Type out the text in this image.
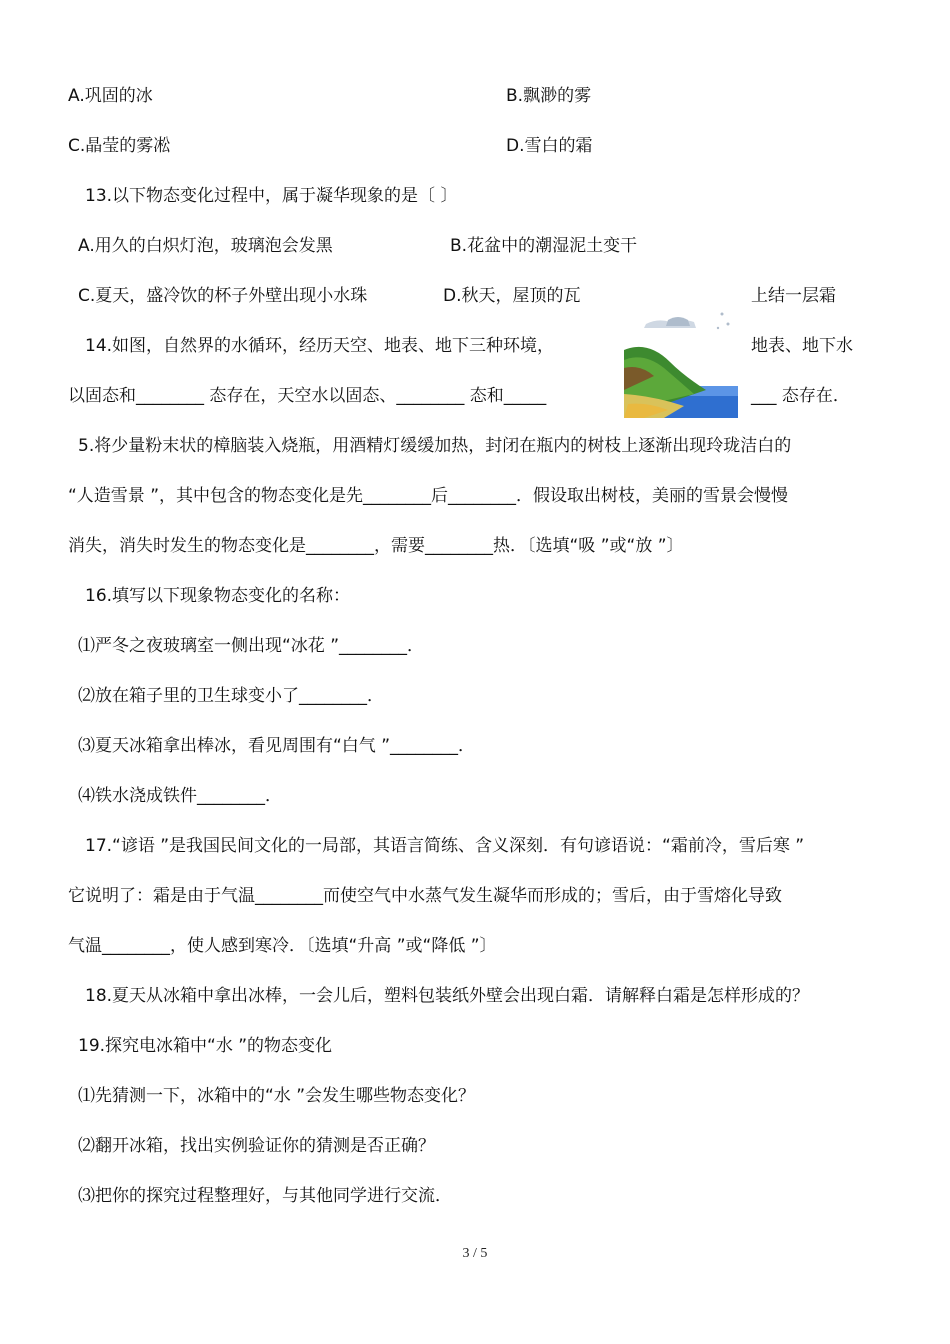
A.巩固的冰	B.飘渺的雾
C.晶莹的雾凇	D.雪白的霜
13.以下物态变化过程中，属于凝华现象的是〔 〕
A.用久的白炽灯泡，玻璃泡会发黑	B.花盆中的潮湿泥土变干
C.夏天，盛冷饮的杯子外壁出现小水珠	D.秋天，屋顶的瓦	上结一层霜
14.如图，自然界的水循环，经历天空、地表、地下三种环境，	地表、地下水
以固态和________ 态存在，天空水以固态、________ 态和_____	___ 态存在．
5.将少量粉末状的樟脑装入烧瓶，用酒精灯缓缓加热，封闭在瓶内的树枝上逐渐出现玲珑洁白的
“人造雪景 ”，其中包含的物态变化是先________后________．假设取出树枝，美丽的雪景会慢慢
消失，消失时发生的物态变化是________，需要________热．〔选填“吸 ”或“放 ”〕
16.填写以下现象物态变化的名称：
⑴严冬之夜玻璃室一侧出现“冰花 ”________．
⑵放在箱子里的卫生球变小了________．
⑶夏天冰箱拿出棒冰，看见周围有“白气 ”________．
⑷铁水浇成铁件________．
17.“谚语 ”是我国民间文化的一局部，其语言简练、含义深刻．有句谚语说：“霜前冷，雪后寒 ”
它说明了：霜是由于气温________而使空气中水蒸气发生凝华而形成的；雪后，由于雪熔化导致
气温________，使人感到寒冷．〔选填“升高 ”或“降低 ”〕
18.夏天从冰箱中拿出冰棒，一会儿后，塑料包装纸外壁会出现白霜．请解释白霜是怎样形成的？
19.探究电冰箱中“水 ”的物态变化
⑴先猜测一下，冰箱中的“水 ”会发生哪些物态变化？
⑵翻开冰箱，找出实例验证你的猜测是否正确？
⑶把你的探究过程整理好，与其他同学进行交流．
3 / 5
